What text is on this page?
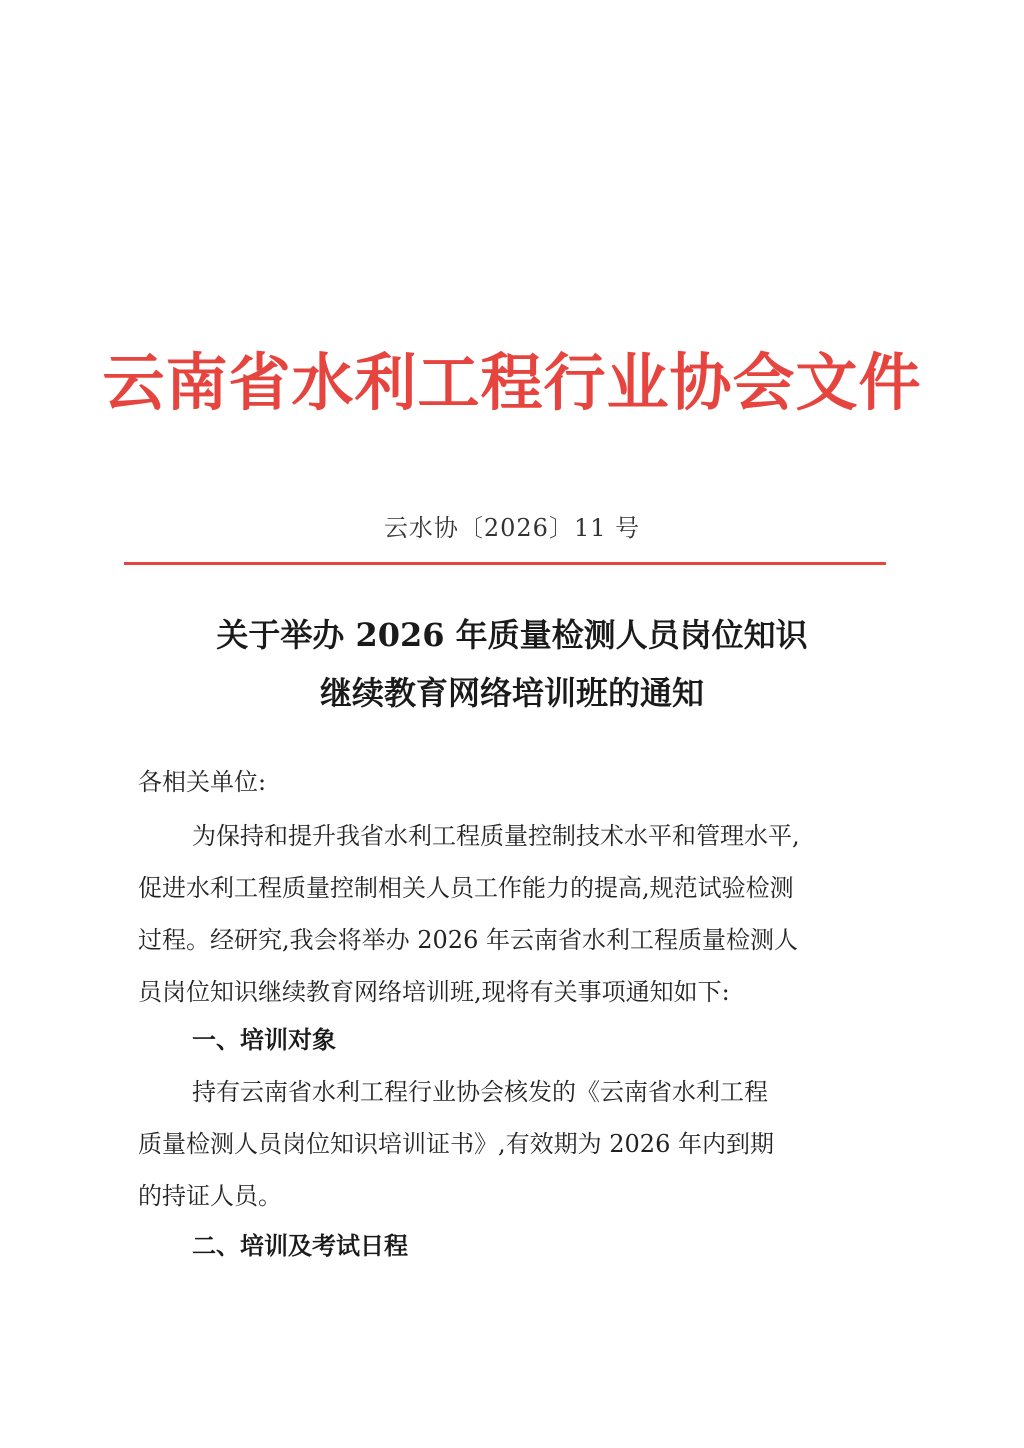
云南省水利工程行业协会文件
云水协〔2026〕11 号
关于举办 2026 年质量检测人员岗位知识
继续教育网络培训班的通知
各相关单位:
为保持和提升我省水利工程质量控制技术水平和管理水平,
促进水利工程质量控制相关人员工作能力的提高,规范试验检测
过程。经研究,我会将举办 2026 年云南省水利工程质量检测人
员岗位知识继续教育网络培训班,现将有关事项通知如下:
一、培训对象
持有云南省水利工程行业协会核发的《云南省水利工程
质量检测人员岗位知识培训证书》,有效期为 2026 年内到期
的持证人员。
二、培训及考试日程
